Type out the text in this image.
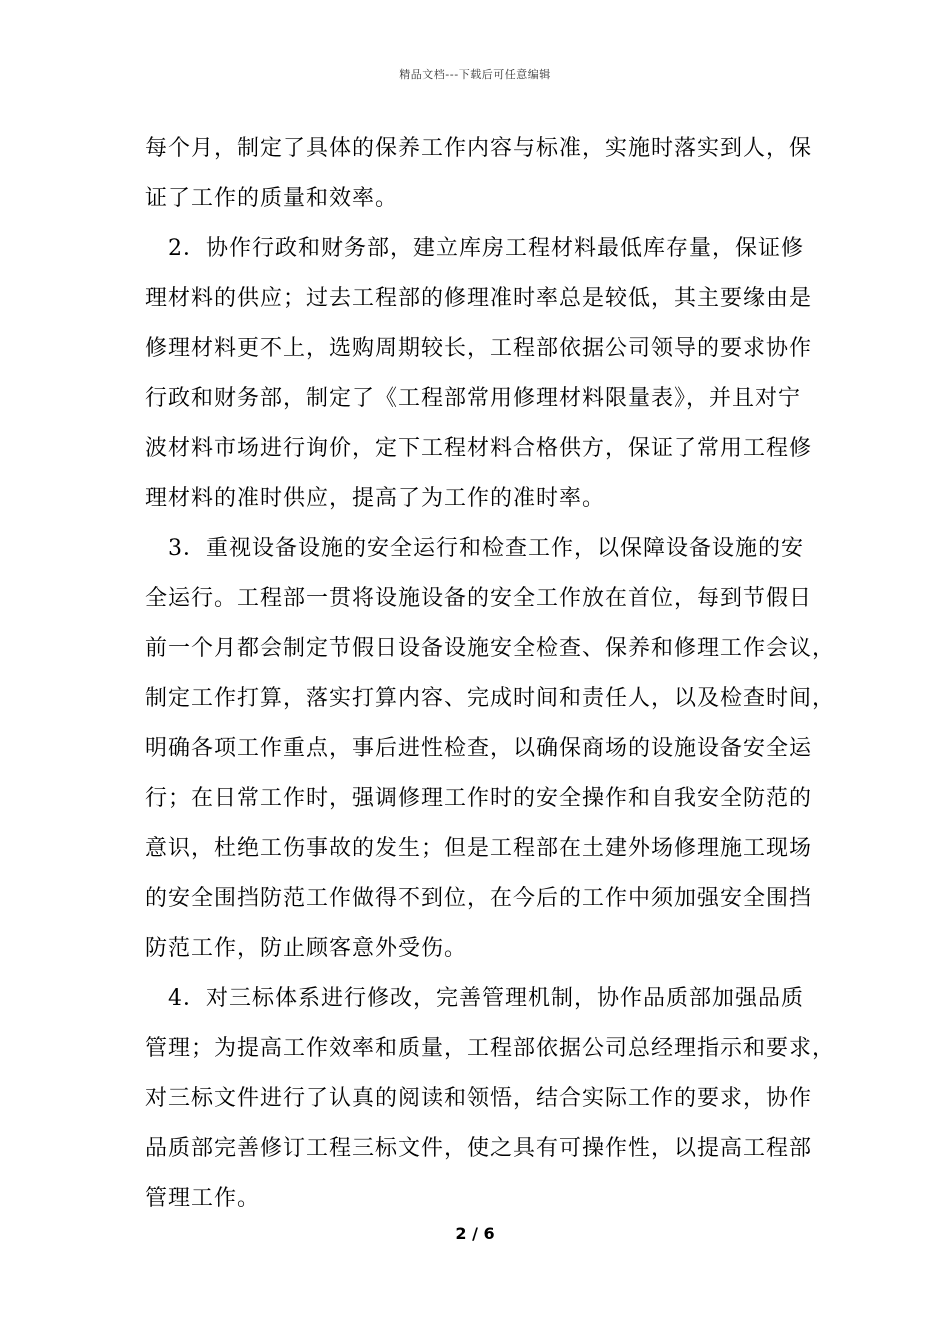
精品文档---下载后可任意编辑
每个月，制定了具体的保养工作内容与标准，实施时落实到人，保
证了工作的质量和效率。
2．协作行政和财务部，建立库房工程材料最低库存量，保证修
理材料的供应；过去工程部的修理准时率总是较低，其主要缘由是
修理材料更不上，选购周期较长，工程部依据公司领导的要求协作
行政和财务部，制定了《工程部常用修理材料限量表》，并且对宁
波材料市场进行询价，定下工程材料合格供方，保证了常用工程修
理材料的准时供应，提高了为工作的准时率。
3．重视设备设施的安全运行和检查工作，以保障设备设施的安
全运行。工程部一贯将设施设备的安全工作放在首位，每到节假日
前一个月都会制定节假日设备设施安全检查、保养和修理工作会议，
制定工作打算，落实打算内容、完成时间和责任人，以及检查时间，
明确各项工作重点，事后进性检查，以确保商场的设施设备安全运
行；在日常工作时，强调修理工作时的安全操作和自我安全防范的
意识，杜绝工伤事故的发生；但是工程部在土建外场修理施工现场
的安全围挡防范工作做得不到位，在今后的工作中须加强安全围挡
防范工作，防止顾客意外受伤。
4．对三标体系进行修改，完善管理机制，协作品质部加强品质
管理；为提高工作效率和质量，工程部依据公司总经理指示和要求，
对三标文件进行了认真的阅读和领悟，结合实际工作的要求，协作
品质部完善修订工程三标文件，使之具有可操作性，以提高工程部
管理工作。
2 / 6
